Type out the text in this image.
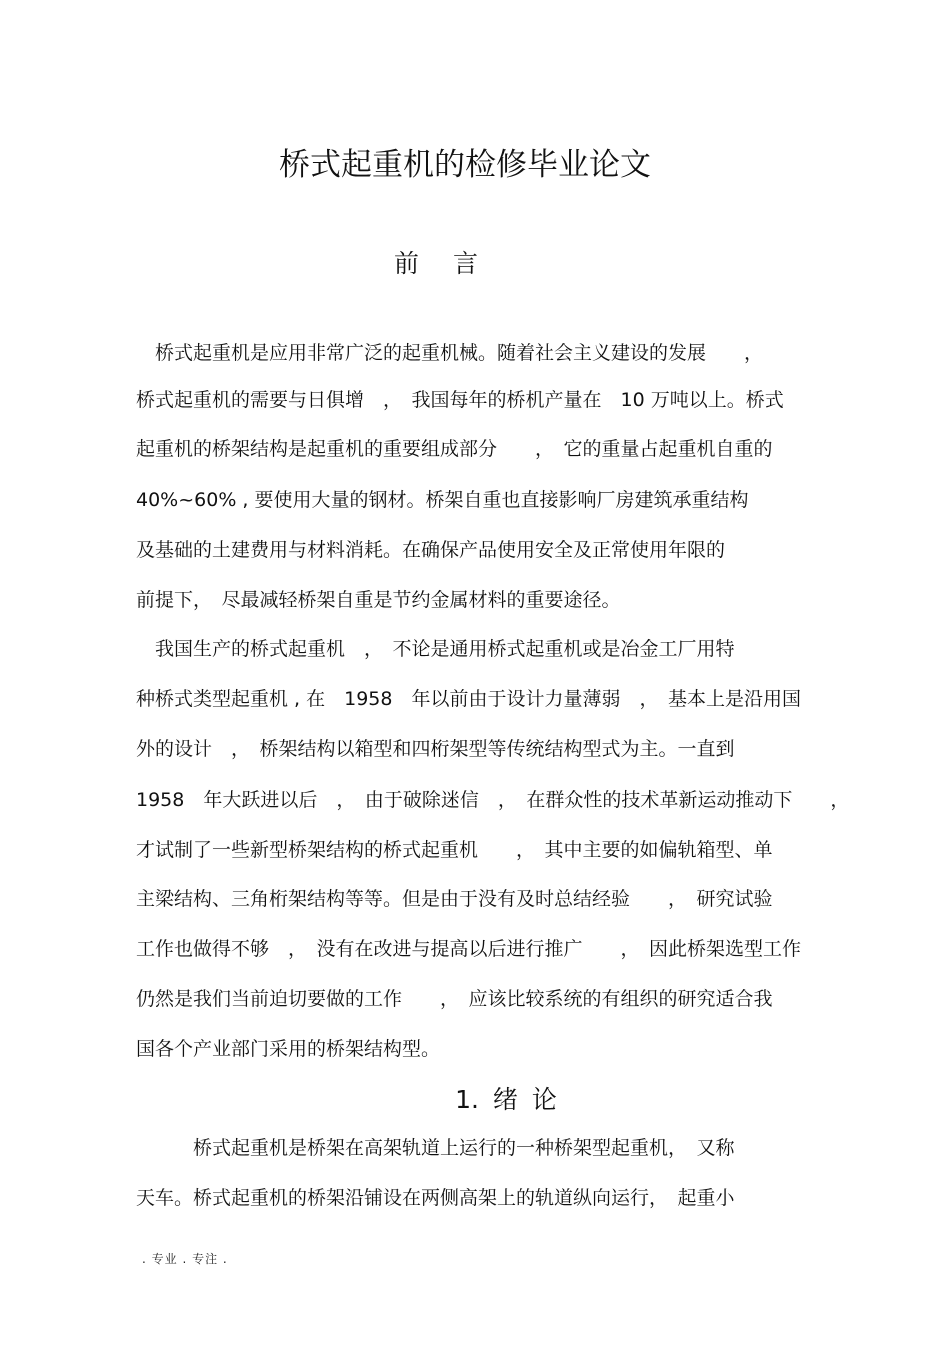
桥式起重机的检修毕业论文
前言
　桥式起重机是应用非常广泛的起重机械。随着社会主义建设的发展　　，
桥式起重机的需要与日俱增　，　我国每年的桥机产量在　10 万吨以上。桥式
起重机的桥架结构是起重机的重要组成部分　　，　它的重量占起重机自重的
40%~60% , 要使用大量的钢材。桥架自重也直接影响厂房建筑承重结构
及基础的土建费用与材料消耗。在确保产品使用安全及正常使用年限的
前提下，　尽最减轻桥架自重是节约金属材料的重要途径。
　我国生产的桥式起重机　，　不论是通用桥式起重机或是冶金工厂用特
种桥式类型起重机 , 在　1958　年以前由于设计力量薄弱　，　基本上是沿用国
外的设计　，　桥架结构以箱型和四桁架型等传统结构型式为主。一直到
1958　年大跃进以后　，　由于破除迷信　，　在群众性的技术革新运动推动下　　，
才试制了一些新型桥架结构的桥式起重机　　，　其中主要的如偏轨箱型、单
主梁结构、三角桁架结构等等。但是由于没有及时总结经验　　，　研究试验
工作也做得不够　，　没有在改进与提高以后进行推广　　，　因此桥架选型工作
仍然是我们当前迫切要做的工作　　，　应该比较系统的有组织的研究适合我
国各个产业部门采用的桥架结构型。
1. 绪 论
　　　桥式起重机是桥架在高架轨道上运行的一种桥架型起重机，　又称
天车。桥式起重机的桥架沿铺设在两侧高架上的轨道纵向运行，　起重小
. 专业 . 专注 .
